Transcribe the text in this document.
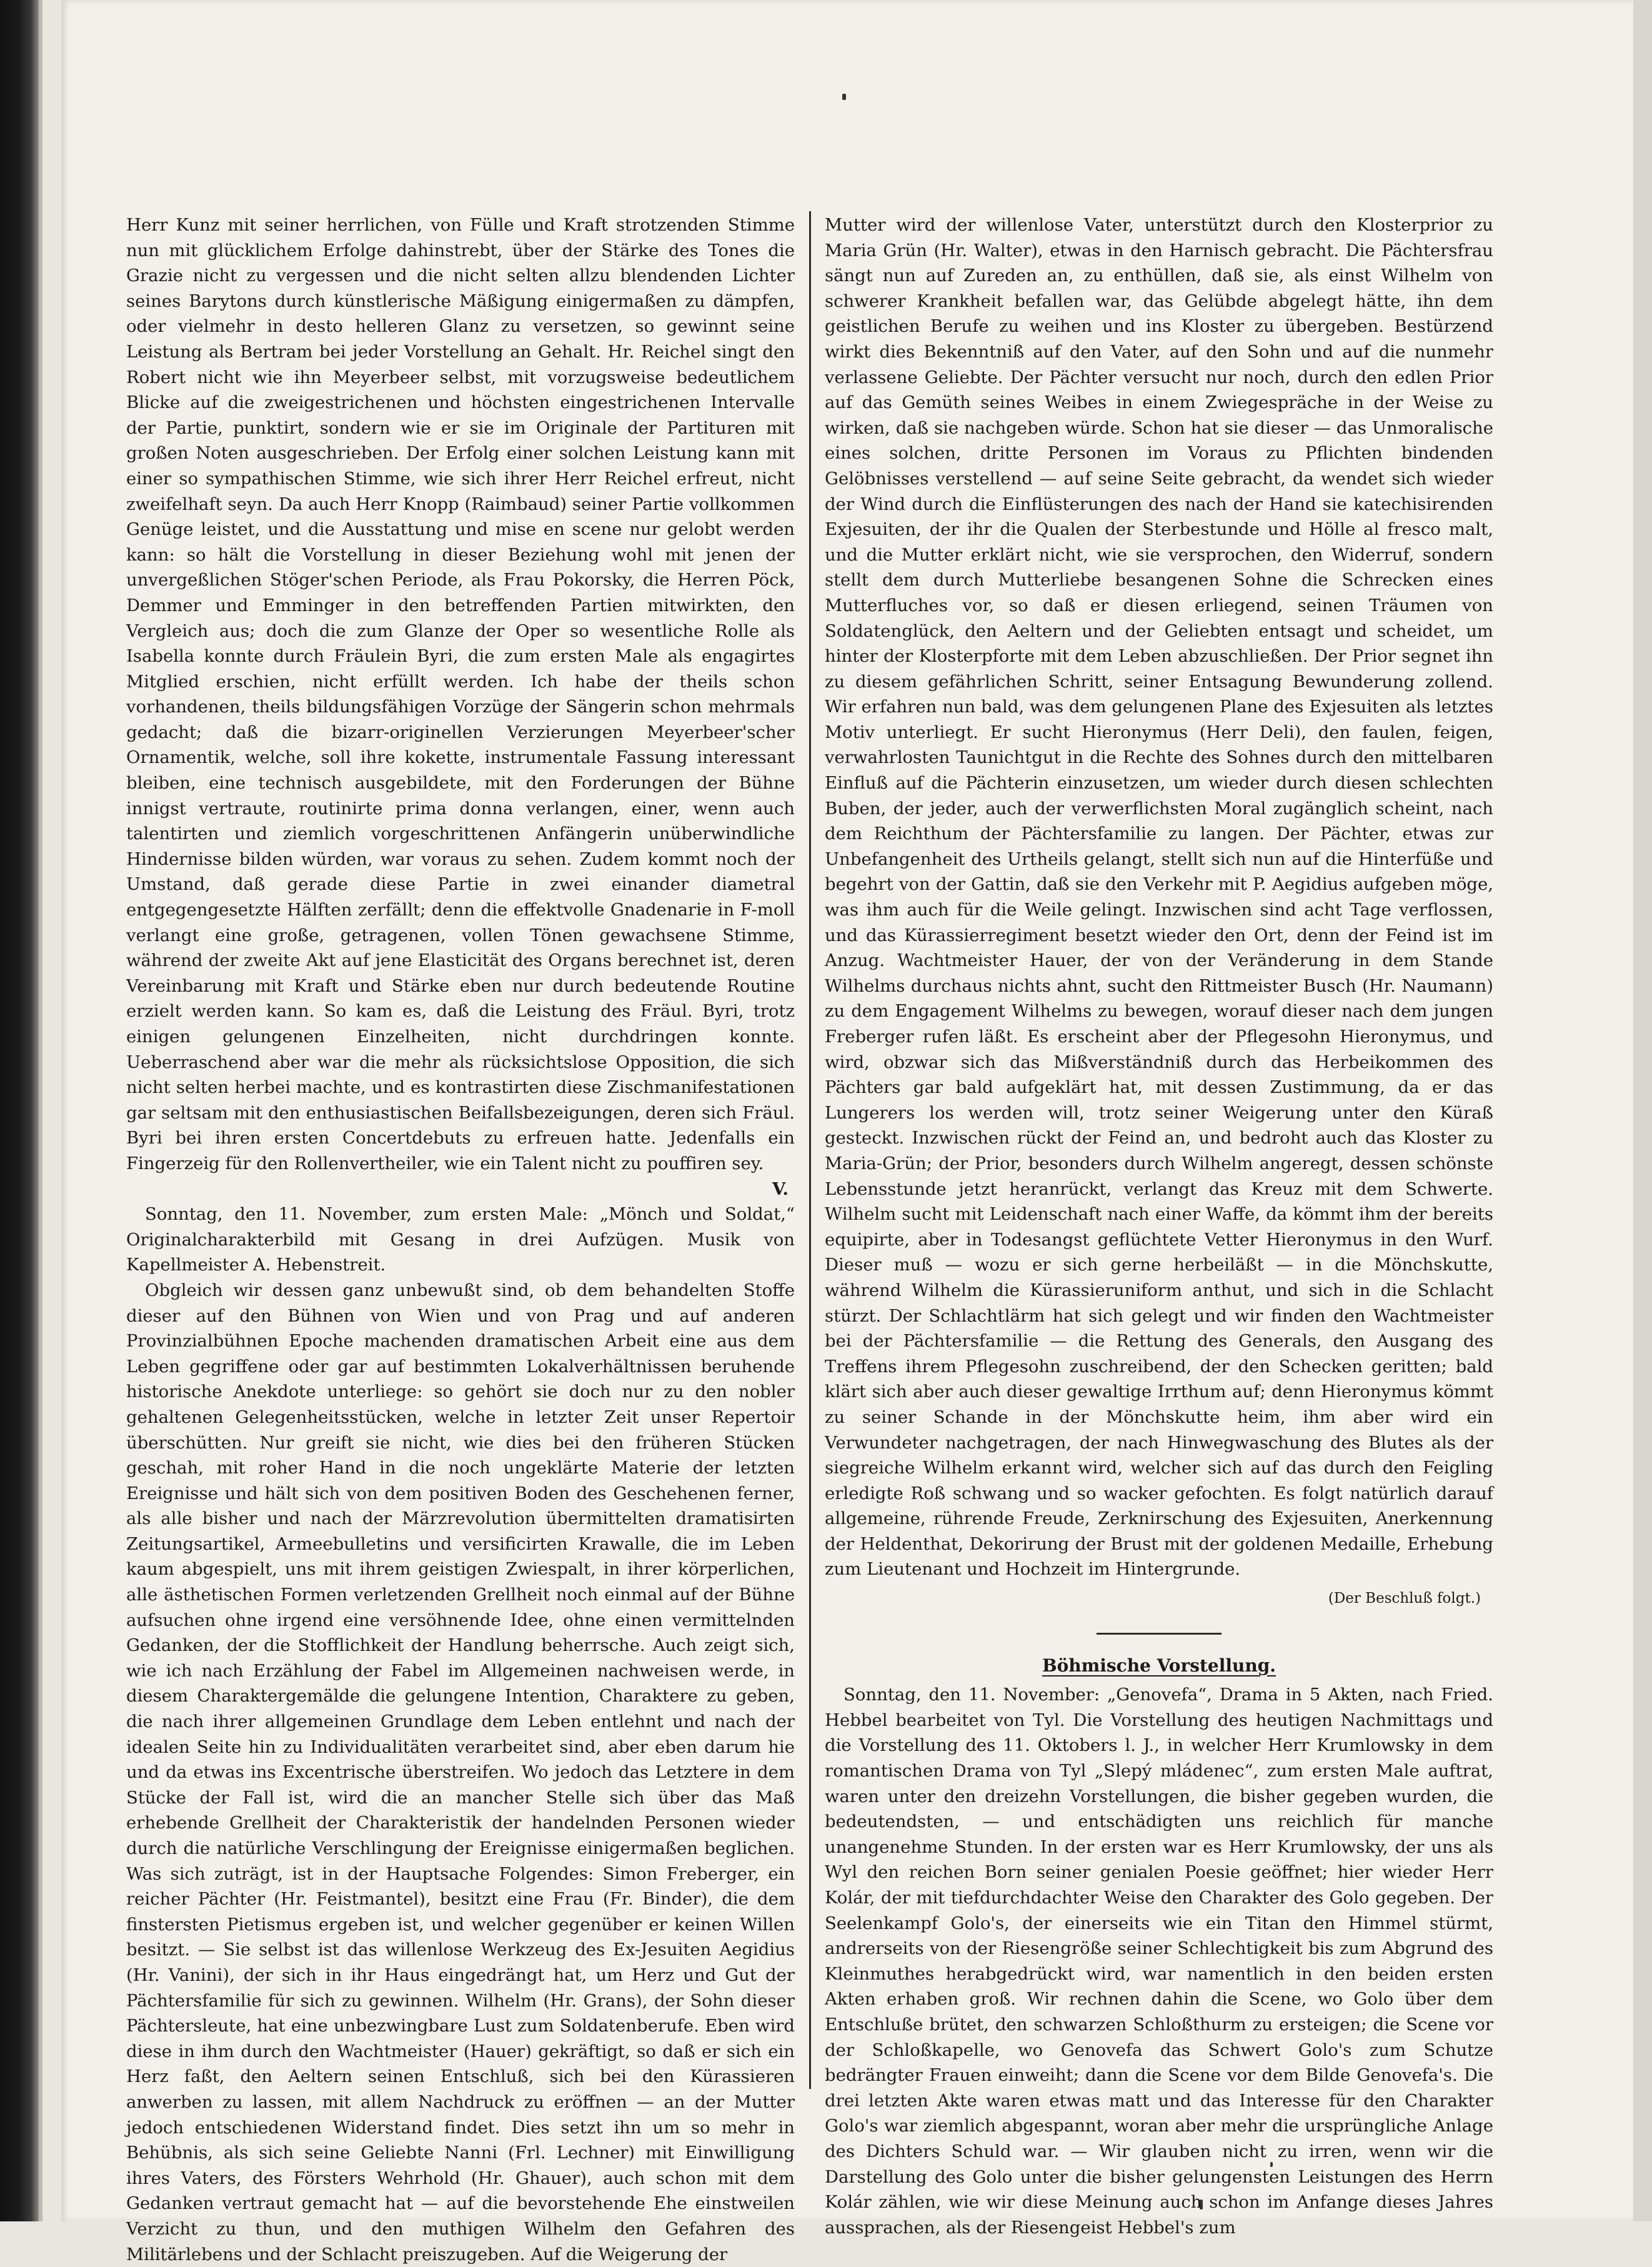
Herr Kunz mit seiner herrlichen, von Fülle und Kraft strotzenden Stimme nun mit glücklichem Erfolge dahinstrebt, über der Stärke des Tones die Grazie nicht zu vergessen und die nicht selten allzu blendenden Lichter seines Barytons durch künstlerische Mäßigung einigermaßen zu dämpfen, oder vielmehr in desto helleren Glanz zu versetzen, so gewinnt seine Leistung als Bertram bei jeder Vorstellung an Gehalt. Hr. Reichel singt den Robert nicht wie ihn Meyerbeer selbst, mit vorzugsweise bedeutlichem Blicke auf die zweigestrichenen und höchsten eingestrichenen Intervalle der Partie, punktirt, sondern wie er sie im Originale der Partituren mit großen Noten ausgeschrieben. Der Erfolg einer solchen Leistung kann mit einer so sympathischen Stimme, wie sich ihrer Herr Reichel erfreut, nicht zweifelhaft seyn. Da auch Herr Knopp (Raimbaud) seiner Partie vollkommen Genüge leistet, und die Ausstattung und mise en scene nur gelobt werden kann: so hält die Vorstellung in dieser Beziehung wohl mit jenen der unvergeßlichen Stöger'schen Periode, als Frau Pokorsky, die Herren Pöck, Demmer und Emminger in den betreffenden Partien mitwirkten, den Vergleich aus; doch die zum Glanze der Oper so wesentliche Rolle als Isabella konnte durch Fräulein Byri, die zum ersten Male als engagirtes Mitglied erschien, nicht erfüllt werden. Ich habe der theils schon vorhandenen, theils bildungsfähigen Vorzüge der Sängerin schon mehrmals gedacht; daß die bizarr-originellen Verzierungen Meyerbeer'scher Ornamentik, welche, soll ihre kokette, instrumentale Fassung interessant bleiben, eine technisch ausgebildete, mit den Forderungen der Bühne innigst vertraute, routinirte prima donna verlangen, einer, wenn auch talentirten und ziemlich vorgeschrittenen Anfängerin unüberwindliche Hindernisse bilden würden, war voraus zu sehen. Zudem kommt noch der Umstand, daß gerade diese Partie in zwei einander diametral entgegengesetzte Hälften zerfällt; denn die effektvolle Gnadenarie in F-moll verlangt eine große, getragenen, vollen Tönen gewachsene Stimme, während der zweite Akt auf jene Elasticität des Organs berechnet ist, deren Vereinbarung mit Kraft und Stärke eben nur durch bedeutende Routine erzielt werden kann. So kam es, daß die Leistung des Fräul. Byri, trotz einigen gelungenen Einzelheiten, nicht durchdringen konnte. Ueberraschend aber war die mehr als rücksichtslose Opposition, die sich nicht selten herbei machte, und es kontrastirten diese Zischmanifestationen gar seltsam mit den enthusiastischen Beifallsbezeigungen, deren sich Fräul. Byri bei ihren ersten Concertdebuts zu erfreuen hatte. Jedenfalls ein Fingerzeig für den Rollenvertheiler, wie ein Talent nicht zu pouffiren sey.

V.

Sonntag, den 11. November, zum ersten Male: „Mönch und Soldat,“ Originalcharakterbild mit Gesang in drei Aufzügen. Musik von Kapellmeister A. Hebenstreit.

Obgleich wir dessen ganz unbewußt sind, ob dem behandelten Stoffe dieser auf den Bühnen von Wien und von Prag und auf anderen Provinzialbühnen Epoche machenden dramatischen Arbeit eine aus dem Leben gegriffene oder gar auf bestimmten Lokalverhältnissen beruhende historische Anekdote unterliege: so gehört sie doch nur zu den nobler gehaltenen Gelegenheitsstücken, welche in letzter Zeit unser Repertoir überschütten. Nur greift sie nicht, wie dies bei den früheren Stücken geschah, mit roher Hand in die noch ungeklärte Materie der letzten Ereignisse und hält sich von dem positiven Boden des Geschehenen ferner, als alle bisher und nach der Märzrevolution übermittelten dramatisirten Zeitungsartikel, Armeebulletins und versificirten Krawalle, die im Leben kaum abgespielt, uns mit ihrem geistigen Zwiespalt, in ihrer körperlichen, alle ästhetischen Formen verletzenden Grellheit noch einmal auf der Bühne aufsuchen ohne irgend eine versöhnende Idee, ohne einen vermittelnden Gedanken, der die Stofflichkeit der Handlung beherrsche. Auch zeigt sich, wie ich nach Erzählung der Fabel im Allgemeinen nachweisen werde, in diesem Charaktergemälde die gelungene Intention, Charaktere zu geben, die nach ihrer allgemeinen Grundlage dem Leben entlehnt und nach der idealen Seite hin zu Individualitäten verarbeitet sind, aber eben darum hie und da etwas ins Excentrische überstreifen. Wo jedoch das Letztere in dem Stücke der Fall ist, wird die an mancher Stelle sich über das Maß erhebende Grellheit der Charakteristik der handelnden Personen wieder durch die natürliche Verschlingung der Ereignisse einigermaßen beglichen. Was sich zuträgt, ist in der Hauptsache Folgendes: Simon Freberger, ein reicher Pächter (Hr. Feistmantel), besitzt eine Frau (Fr. Binder), die dem finstersten Pietismus ergeben ist, und welcher gegenüber er keinen Willen besitzt. — Sie selbst ist das willenlose Werkzeug des Ex-Jesuiten Aegidius (Hr. Vanini), der sich in ihr Haus eingedrängt hat, um Herz und Gut der Pächtersfamilie für sich zu gewinnen. Wilhelm (Hr. Grans), der Sohn dieser Pächtersleute, hat eine unbezwingbare Lust zum Soldatenberufe. Eben wird diese in ihm durch den Wachtmeister (Hauer) gekräftigt, so daß er sich ein Herz faßt, den Aeltern seinen Entschluß, sich bei den Kürassieren anwerben zu lassen, mit allem Nachdruck zu eröffnen — an der Mutter jedoch entschiedenen Widerstand findet. Dies setzt ihn um so mehr in Behübnis, als sich seine Geliebte Nanni (Frl. Lechner) mit Einwilligung ihres Vaters, des Försters Wehrhold (Hr. Ghauer), auch schon mit dem Gedanken vertraut gemacht hat — auf die bevorstehende Ehe einstweilen Verzicht zu thun, und den muthigen Wilhelm den Gefahren des Militärlebens und der Schlacht preiszugeben. Auf die Weigerung der

Mutter wird der willenlose Vater, unterstützt durch den Klosterprior zu Maria Grün (Hr. Walter), etwas in den Harnisch gebracht. Die Pächtersfrau sängt nun auf Zureden an, zu enthüllen, daß sie, als einst Wilhelm von schwerer Krankheit befallen war, das Gelübde abgelegt hätte, ihn dem geistlichen Berufe zu weihen und ins Kloster zu übergeben. Bestürzend wirkt dies Bekenntniß auf den Vater, auf den Sohn und auf die nunmehr verlassene Geliebte. Der Pächter versucht nur noch, durch den edlen Prior auf das Gemüth seines Weibes in einem Zwiegespräche in der Weise zu wirken, daß sie nachgeben würde. Schon hat sie dieser — das Unmoralische eines solchen, dritte Personen im Voraus zu Pflichten bindenden Gelöbnisses verstellend — auf seine Seite gebracht, da wendet sich wieder der Wind durch die Einflüsterungen des nach der Hand sie katechisirenden Exjesuiten, der ihr die Qualen der Sterbestunde und Hölle al fresco malt, und die Mutter erklärt nicht, wie sie versprochen, den Widerruf, sondern stellt dem durch Mutterliebe besangenen Sohne die Schrecken eines Mutterfluches vor, so daß er diesen erliegend, seinen Träumen von Soldatenglück, den Aeltern und der Geliebten entsagt und scheidet, um hinter der Klosterpforte mit dem Leben abzuschließen. Der Prior segnet ihn zu diesem gefährlichen Schritt, seiner Entsagung Bewunderung zollend. Wir erfahren nun bald, was dem gelungenen Plane des Exjesuiten als letztes Motiv unterliegt. Er sucht Hieronymus (Herr Deli), den faulen, feigen, verwahrlosten Taunichtgut in die Rechte des Sohnes durch den mittelbaren Einfluß auf die Pächterin einzusetzen, um wieder durch diesen schlechten Buben, der jeder, auch der verwerflichsten Moral zugänglich scheint, nach dem Reichthum der Pächtersfamilie zu langen. Der Pächter, etwas zur Unbefangenheit des Urtheils gelangt, stellt sich nun auf die Hinterfüße und begehrt von der Gattin, daß sie den Verkehr mit P. Aegidius aufgeben möge, was ihm auch für die Weile gelingt. Inzwischen sind acht Tage verflossen, und das Kürassierregiment besetzt wieder den Ort, denn der Feind ist im Anzug. Wachtmeister Hauer, der von der Veränderung in dem Stande Wilhelms durchaus nichts ahnt, sucht den Rittmeister Busch (Hr. Naumann) zu dem Engagement Wilhelms zu bewegen, worauf dieser nach dem jungen Freberger rufen läßt. Es erscheint aber der Pflegesohn Hieronymus, und wird, obzwar sich das Mißverständniß durch das Herbeikommen des Pächters gar bald aufgeklärt hat, mit dessen Zustimmung, da er das Lungerers los werden will, trotz seiner Weigerung unter den Küraß gesteckt. Inzwischen rückt der Feind an, und bedroht auch das Kloster zu Maria-Grün; der Prior, besonders durch Wilhelm angeregt, dessen schönste Lebensstunde jetzt heranrückt, verlangt das Kreuz mit dem Schwerte. Wilhelm sucht mit Leidenschaft nach einer Waffe, da kömmt ihm der bereits equipirte, aber in Todesangst geflüchtete Vetter Hieronymus in den Wurf. Dieser muß — wozu er sich gerne herbeiläßt — in die Mönchskutte, während Wilhelm die Kürassieruniform anthut, und sich in die Schlacht stürzt. Der Schlachtlärm hat sich gelegt und wir finden den Wachtmeister bei der Pächtersfamilie — die Rettung des Generals, den Ausgang des Treffens ihrem Pflegesohn zuschreibend, der den Schecken geritten; bald klärt sich aber auch dieser gewaltige Irrthum auf; denn Hieronymus kömmt zu seiner Schande in der Mönchskutte heim, ihm aber wird ein Verwundeter nachgetragen, der nach Hinwegwaschung des Blutes als der siegreiche Wilhelm erkannt wird, welcher sich auf das durch den Feigling erledigte Roß schwang und so wacker gefochten. Es folgt natürlich darauf allgemeine, rührende Freude, Zerknirschung des Exjesuiten, Anerkennung der Heldenthat, Dekorirung der Brust mit der goldenen Medaille, Erhebung zum Lieutenant und Hochzeit im Hintergrunde.

(Der Beschluß folgt.)
Böhmische Vorstellung.

Sonntag, den 11. November: „Genovefa“, Drama in 5 Akten, nach Fried. Hebbel bearbeitet von Tyl. Die Vorstellung des heutigen Nachmittags und die Vorstellung des 11. Oktobers l. J., in welcher Herr Krumlowsky in dem romantischen Drama von Tyl „Slepý mládenec“, zum ersten Male auftrat, waren unter den dreizehn Vorstellungen, die bisher gegeben wurden, die bedeutendsten, — und entschädigten uns reichlich für manche unangenehme Stunden. In der ersten war es Herr Krumlowsky, der uns als Wyl den reichen Born seiner genialen Poesie geöffnet; hier wieder Herr Kolár, der mit tiefdurchdachter Weise den Charakter des Golo gegeben. Der Seelenkampf Golo's, der einerseits wie ein Titan den Himmel stürmt, andrerseits von der Riesengröße seiner Schlechtigkeit bis zum Abgrund des Kleinmuthes herabgedrückt wird, war namentlich in den beiden ersten Akten erhaben groß. Wir rechnen dahin die Scene, wo Golo über dem Entschluße brütet, den schwarzen Schloßthurm zu ersteigen; die Scene vor der Schloßkapelle, wo Genovefa das Schwert Golo's zum Schutze bedrängter Frauen einweiht; dann die Scene vor dem Bilde Genovefa's. Die drei letzten Akte waren etwas matt und das Interesse für den Charakter Golo's war ziemlich abgespannt, woran aber mehr die ursprüngliche Anlage des Dichters Schuld war. — Wir glauben nicht zu irren, wenn wir die Darstellung des Golo unter die bisher gelungensten Leistungen des Herrn Kolár zählen, wie wir diese Meinung auch schon im Anfange dieses Jahres aussprachen, als der Riesengeist Hebbel's zum
